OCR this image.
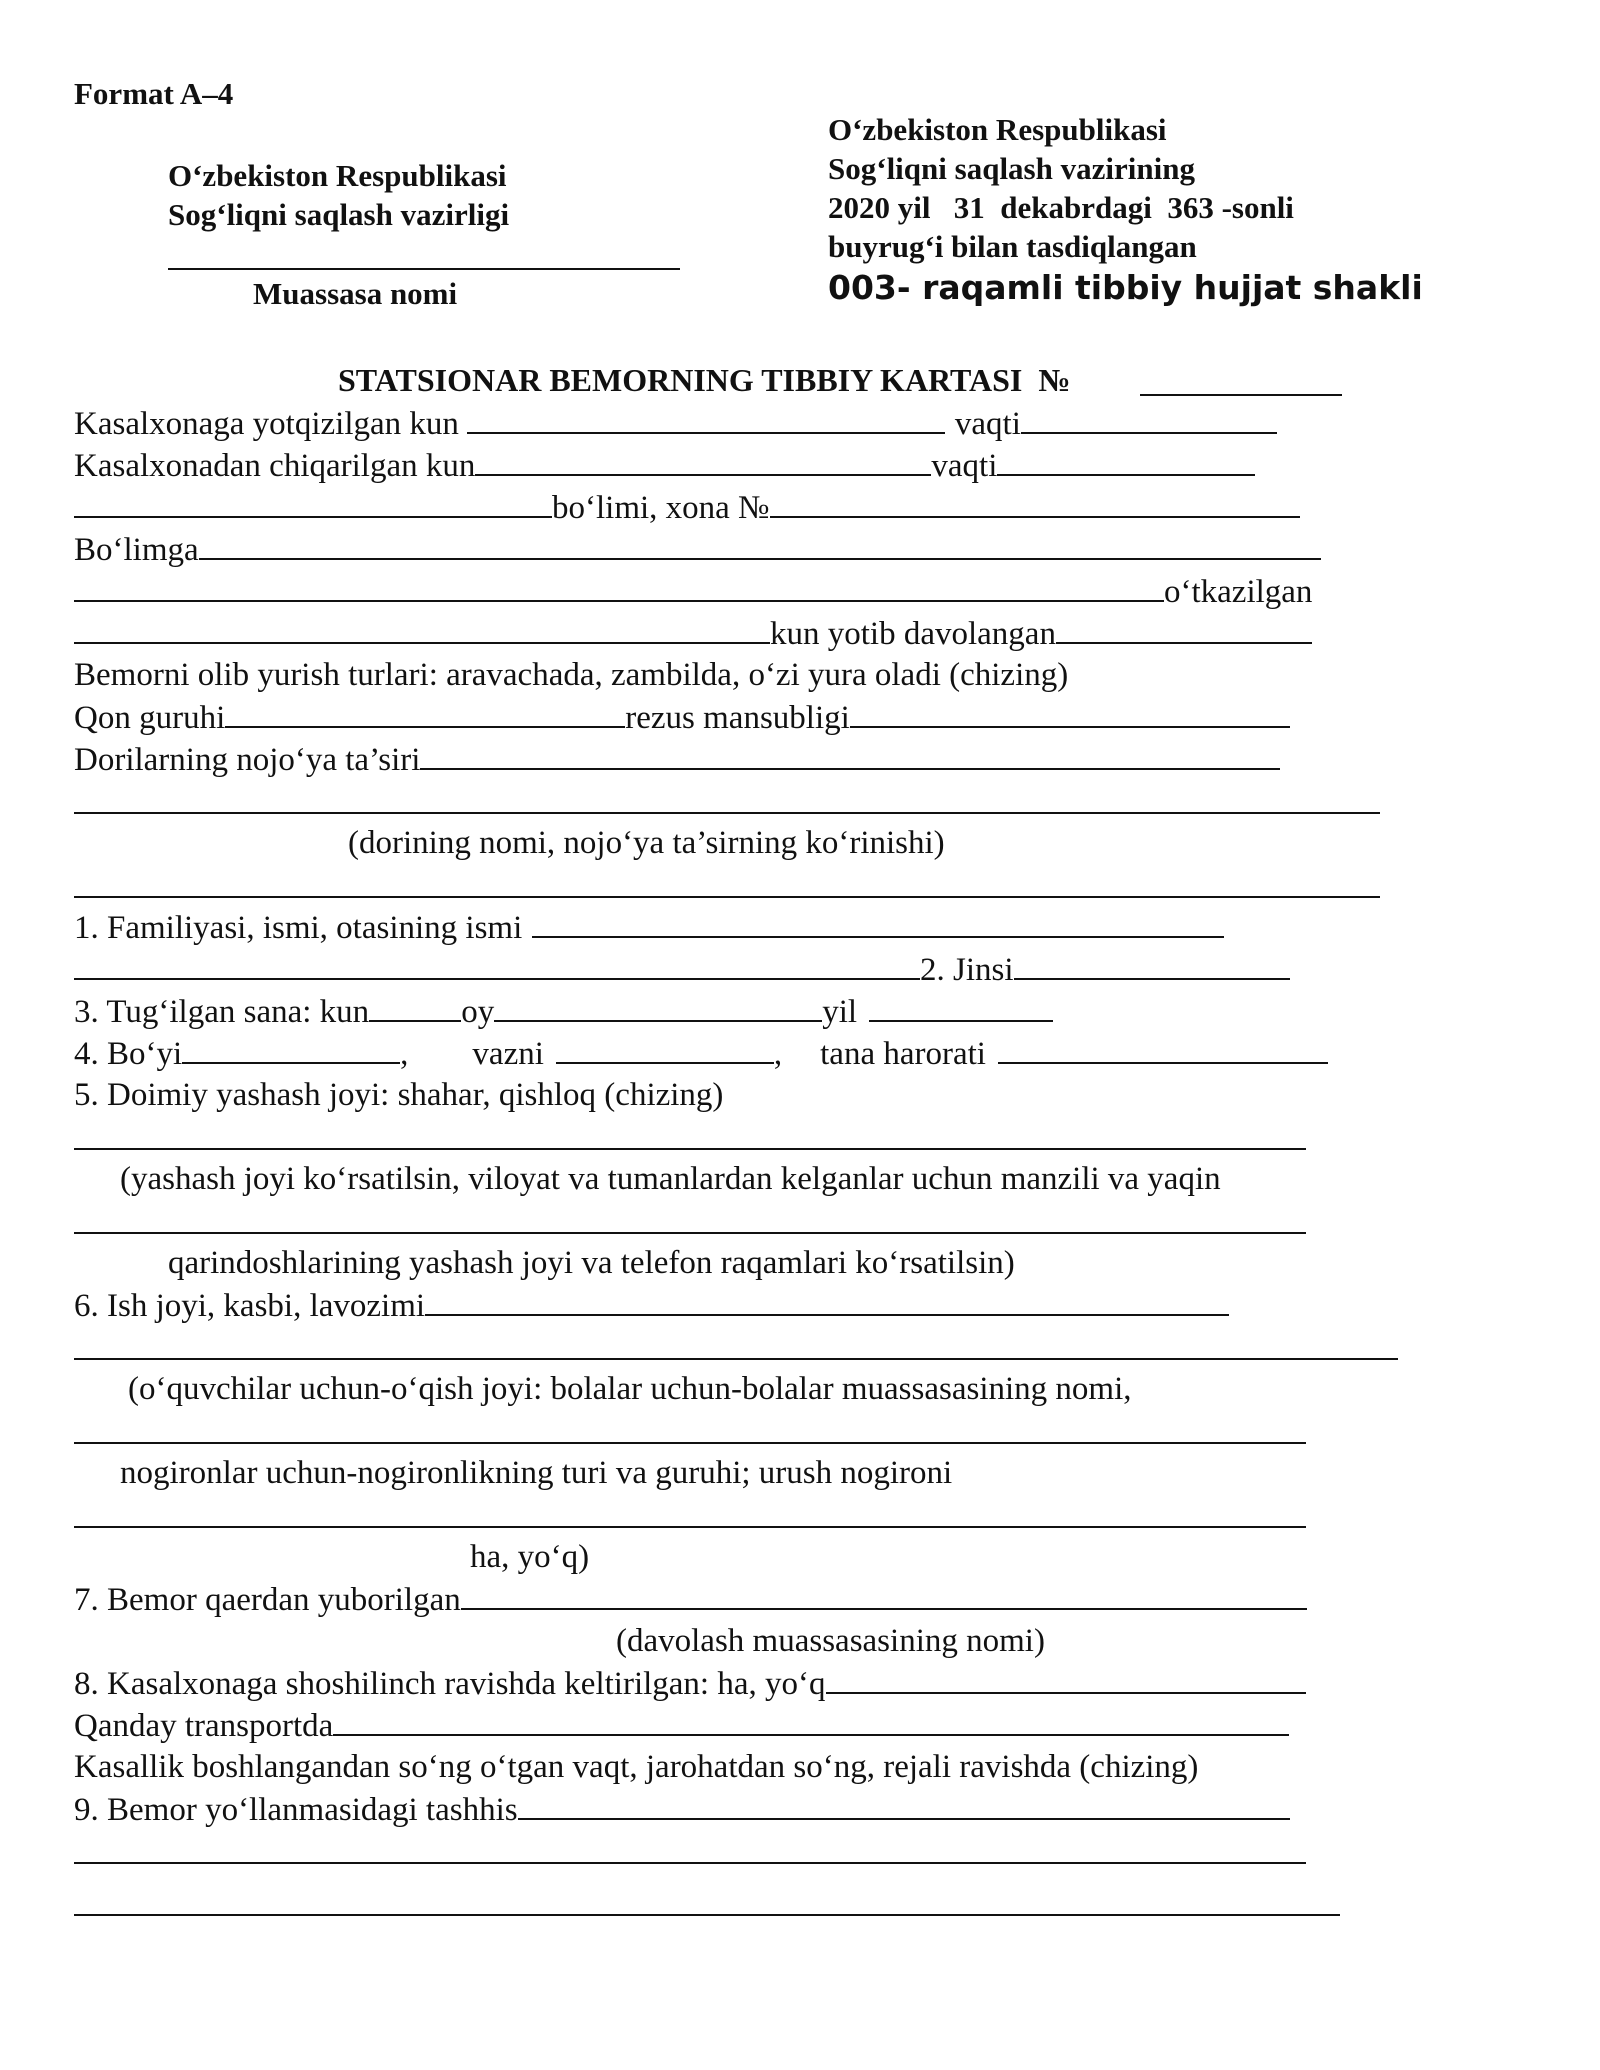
Format A–4
O‘zbekiston Respublikasi
Sog‘liqni saqlash vazirligi
Muassasa nomi
O‘zbekiston Respublikasi
Sog‘liqni saqlash vazirining
2020 yil   31  dekabrdagi  363 -sonli
buyrug‘i bilan tasdiqlangan
003- raqamli tibbiy hujjat shakli
STATSIONAR BEMORNING TIBBIY KARTASI  №
Kasalxonaga yotqizilgan kun	vaqti
Kasalxonadan chiqarilgan kun	vaqti
bo‘limi, xona №
Bo‘limga
o‘tkazilgan
kun yotib davolangan
Bemorni olib yurish turlari: aravachada, zambilda, o‘zi yura oladi (chizing)
Qon guruhi	rezus mansubligi
Dorilarning nojo‘ya ta’siri
(dorining nomi, nojo‘ya ta’sirning ko‘rinishi)
1. Familiyasi, ismi, otasining ismi
2. Jinsi
3. Tug‘ilgan sana: kun	oy	yil
4. Bo‘yi	, vazni	, tana harorati
5. Doimiy yashash joyi: shahar, qishloq (chizing)
(yashash joyi ko‘rsatilsin, viloyat va tumanlardan kelganlar uchun manzili va yaqin
qarindoshlarining yashash joyi va telefon raqamlari ko‘rsatilsin)
6. Ish joyi, kasbi, lavozimi
(o‘quvchilar uchun-o‘qish joyi: bolalar uchun-bolalar muassasasining nomi,
nogironlar uchun-nogironlikning turi va guruhi; urush nogironi
ha, yo‘q)
7. Bemor qaerdan yuborilgan
(davolash muassasasining nomi)
8. Kasalxonaga shoshilinch ravishda keltirilgan: ha, yo‘q
Qanday transportda
Kasallik boshlangandan so‘ng o‘tgan vaqt, jarohatdan so‘ng, rejali ravishda (chizing)
9. Bemor yo‘llanmasidagi tashhis
